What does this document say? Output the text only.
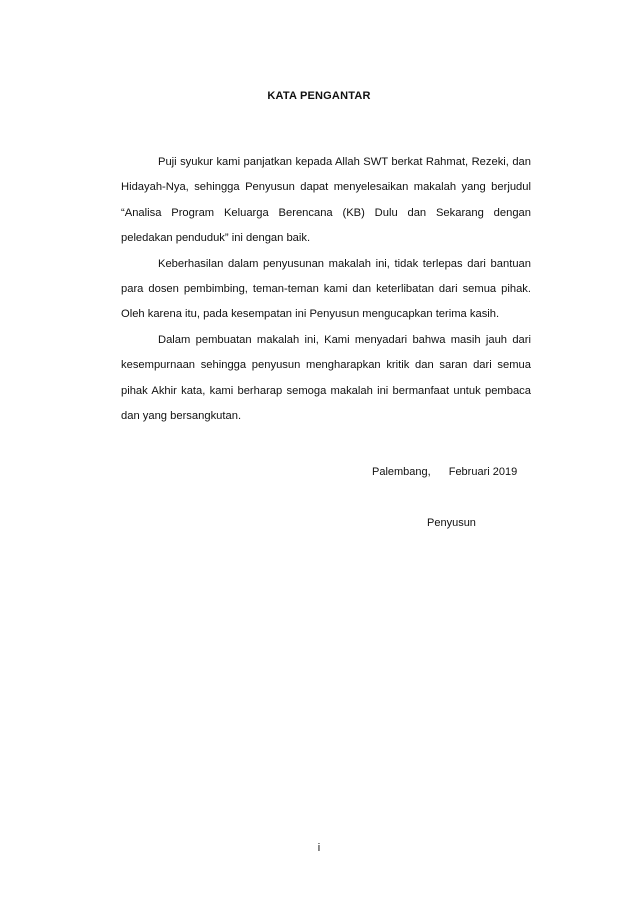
KATA PENGANTAR

Puji syukur kami panjatkan kepada Allah SWT berkat Rahmat, Rezeki, dan Hidayah-Nya, sehingga Penyusun dapat menyelesaikan makalah yang berjudul “Analisa Program Keluarga Berencana (KB) Dulu dan Sekarang dengan peledakan penduduk” ini dengan baik.

Keberhasilan dalam penyusunan makalah ini, tidak terlepas dari bantuan para dosen pembimbing, teman-teman kami dan keterlibatan dari semua pihak. Oleh karena itu, pada kesempatan ini Penyusun mengucapkan terima kasih.

Dalam pembuatan makalah ini, Kami menyadari bahwa masih jauh dari kesempurnaan sehingga penyusun mengharapkan kritik dan saran dari semua pihak Akhir kata, kami berharap semoga makalah ini bermanfaat untuk pembaca dan yang bersangkutan.

Palembang, Februari 2019
Penyusun
i
